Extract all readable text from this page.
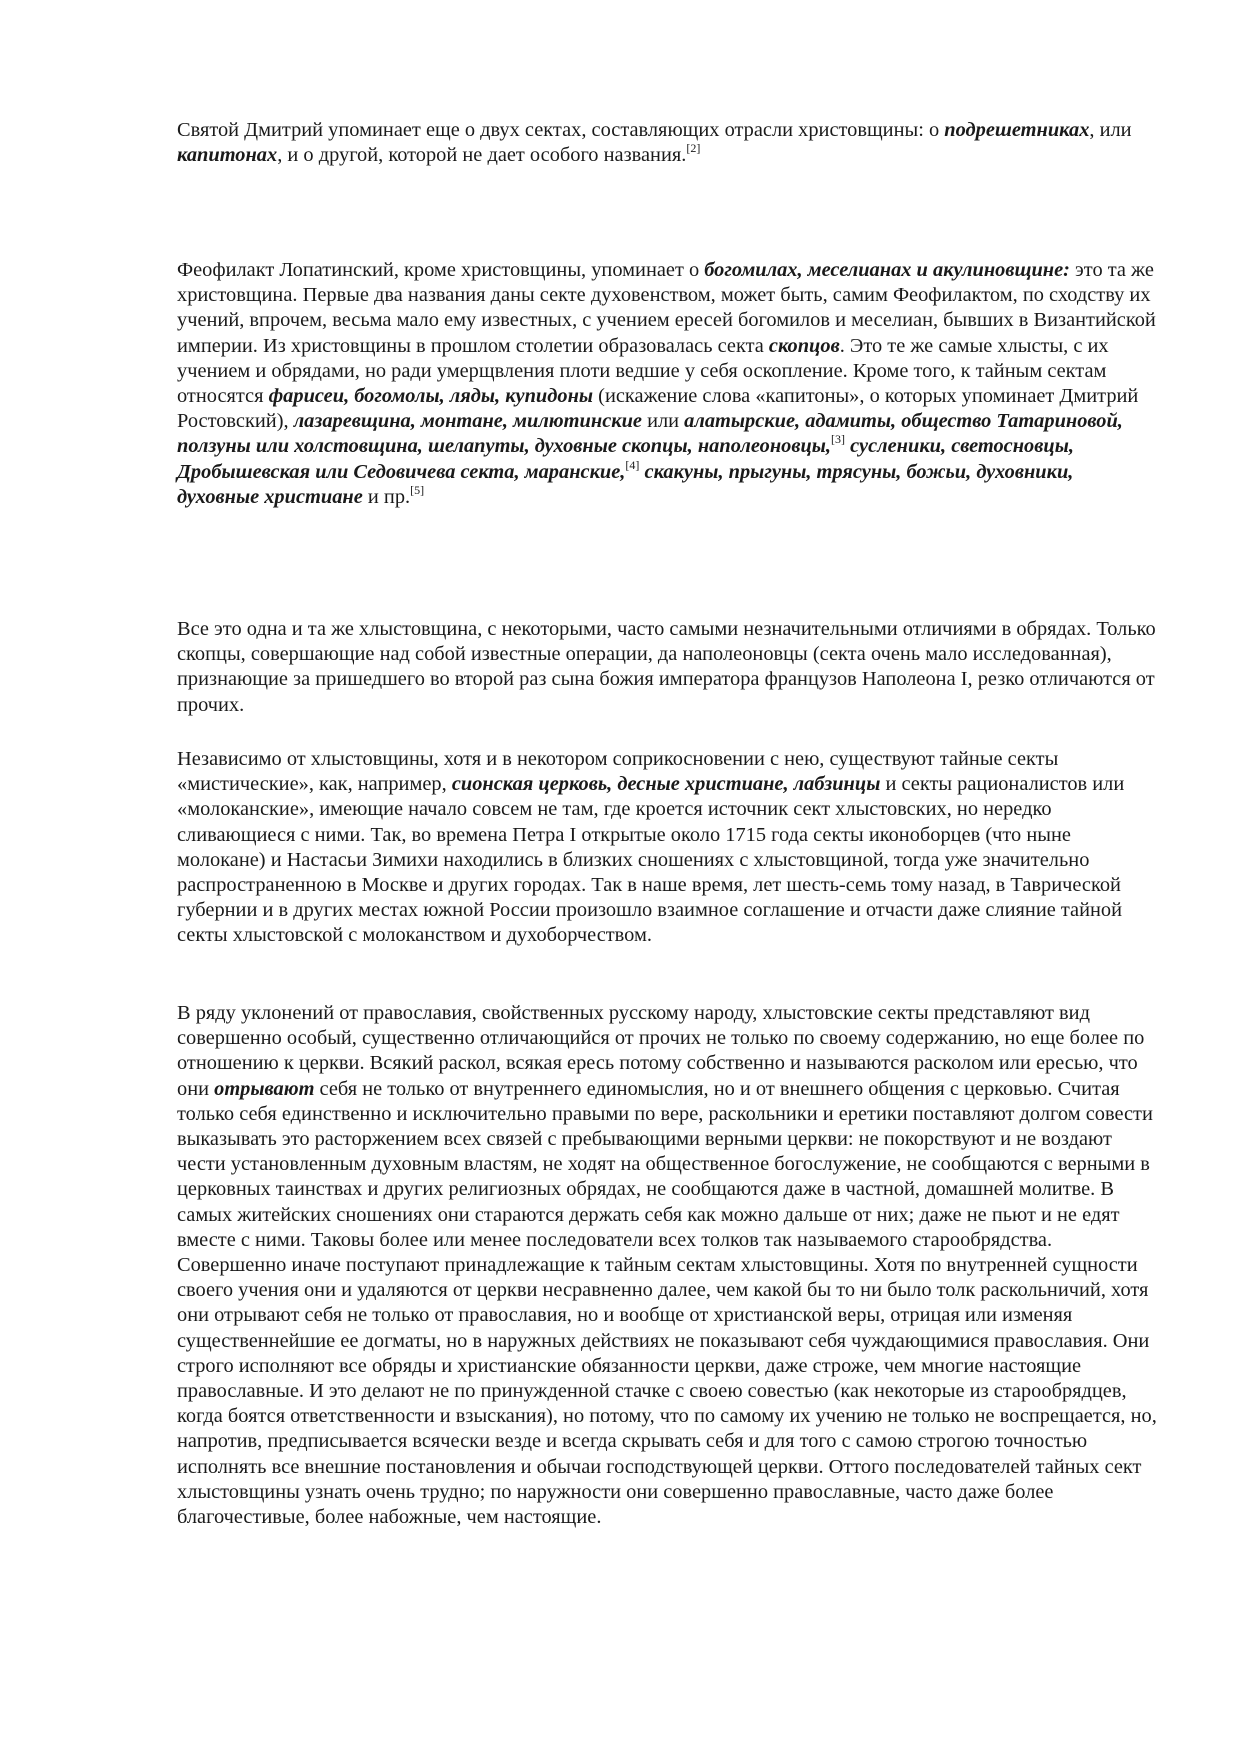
Святой Дмитрий упоминает еще о двух сектах, составляющих отрасли христовщины: о подрешетниках, или капитонах, и о другой, которой не дает особого названия.[2]

Феофилакт Лопатинский, кроме христовщины, упоминает о богомилах, меселианах и акулиновщине: это та же христовщина. Первые два названия даны секте духовенством, может быть, самим Феофилактом, по сходству их учений, впрочем, весьма мало ему известных, с учением ересей богомилов и меселиан, бывших в Византийской империи. Из христовщины в прошлом столетии образовалась секта скопцов. Это те же самые хлысты, с их учением и обрядами, но ради умерщвления плоти ведшие у себя оскопление. Кроме того, к тайным сектам относятся фарисеи, богомолы, ляды, купидоны (искажение слова «капитоны», о которых упоминает Дмитрий Ростовский), лазаревщина, монтане, милютинские или алатырские, адамиты, общество Татариновой, ползуны или холстовщина, шелапуты, духовные скопцы, наполеоновцы,[3] сусленики, светосновцы, Дробышевская или Седовичева секта, маранские,[4] скакуны, прыгуны, трясуны, божьи, духовники, духовные христиане и пр.[5]

Все это одна и та же хлыстовщина, с некоторыми, часто самыми незначительными отличиями в обрядах. Только скопцы, совершающие над собой известные операции, да наполеоновцы (секта очень мало исследованная), признающие за пришедшего во второй раз сына божия императора французов Наполеона I, резко отличаются от прочих.

Независимо от хлыстовщины, хотя и в некотором соприкосновении с нею, существуют тайные секты «мистические», как, например, сионская церковь, десные христиане, лабзинцы и секты рационалистов или «молоканские», имеющие начало совсем не там, где кроется источник сект хлыстовских, но нередко сливающиеся с ними. Так, во времена Петра I открытые около 1715 года секты иконоборцев (что ныне молокане) и Настасьи Зимихи находились в близких сношениях с хлыстовщиной, тогда уже значительно распространенною в Москве и других городах. Так в наше время, лет шесть-семь тому назад, в Таврической губернии и в других местах южной России произошло взаимное соглашение и отчасти даже слияние тайной секты хлыстовской с молоканством и духоборчеством.

В ряду уклонений от православия, свойственных русскому народу, хлыстовские секты представляют вид совершенно особый, существенно отличающийся от прочих не только по своему содержанию, но еще более по отношению к церкви. Всякий раскол, всякая ересь потому собственно и называются расколом или ересью, что они отрывают себя не только от внутреннего единомыслия, но и от внешнего общения с церковью. Считая только себя единственно и исключительно правыми по вере, раскольники и еретики поставляют долгом совести выказывать это расторжением всех связей с пребывающими верными церкви: не покорствуют и не воздают чести установленным духовным властям, не ходят на общественное богослужение, не сообщаются с верными в церковных таинствах и других религиозных обрядах, не сообщаются даже в частной, домашней молитве. В самых житейских сношениях они стараются держать себя как можно дальше от них; даже не пьют и не едят вместе с ними. Таковы более или менее последователи всех толков так называемого старообрядства. Совершенно иначе поступают принадлежащие к тайным сектам хлыстовщины. Хотя по внутренней сущности своего учения они и удаляются от церкви несравненно далее, чем какой бы то ни было толк раскольничий, хотя они отрывают себя не только от православия, но и вообще от христианской веры, отрицая или изменяя существеннейшие ее догматы, но в наружных действиях не показывают себя чуждающимися православия. Они строго исполняют все обряды и христианские обязанности церкви, даже строже, чем многие настоящие православные. И это делают не по принужденной стачке с своею совестью (как некоторые из старообрядцев, когда боятся ответственности и взыскания), но потому, что по самому их учению не только не воспрещается, но, напротив, предписывается всячески везде и всегда скрывать себя и для того с самою строгою точностью исполнять все внешние постановления и обычаи господствующей церкви. Оттого последователей тайных сект хлыстовщины узнать очень трудно; по наружности они совершенно православные, часто даже более благочестивые, более набожные, чем настоящие.
